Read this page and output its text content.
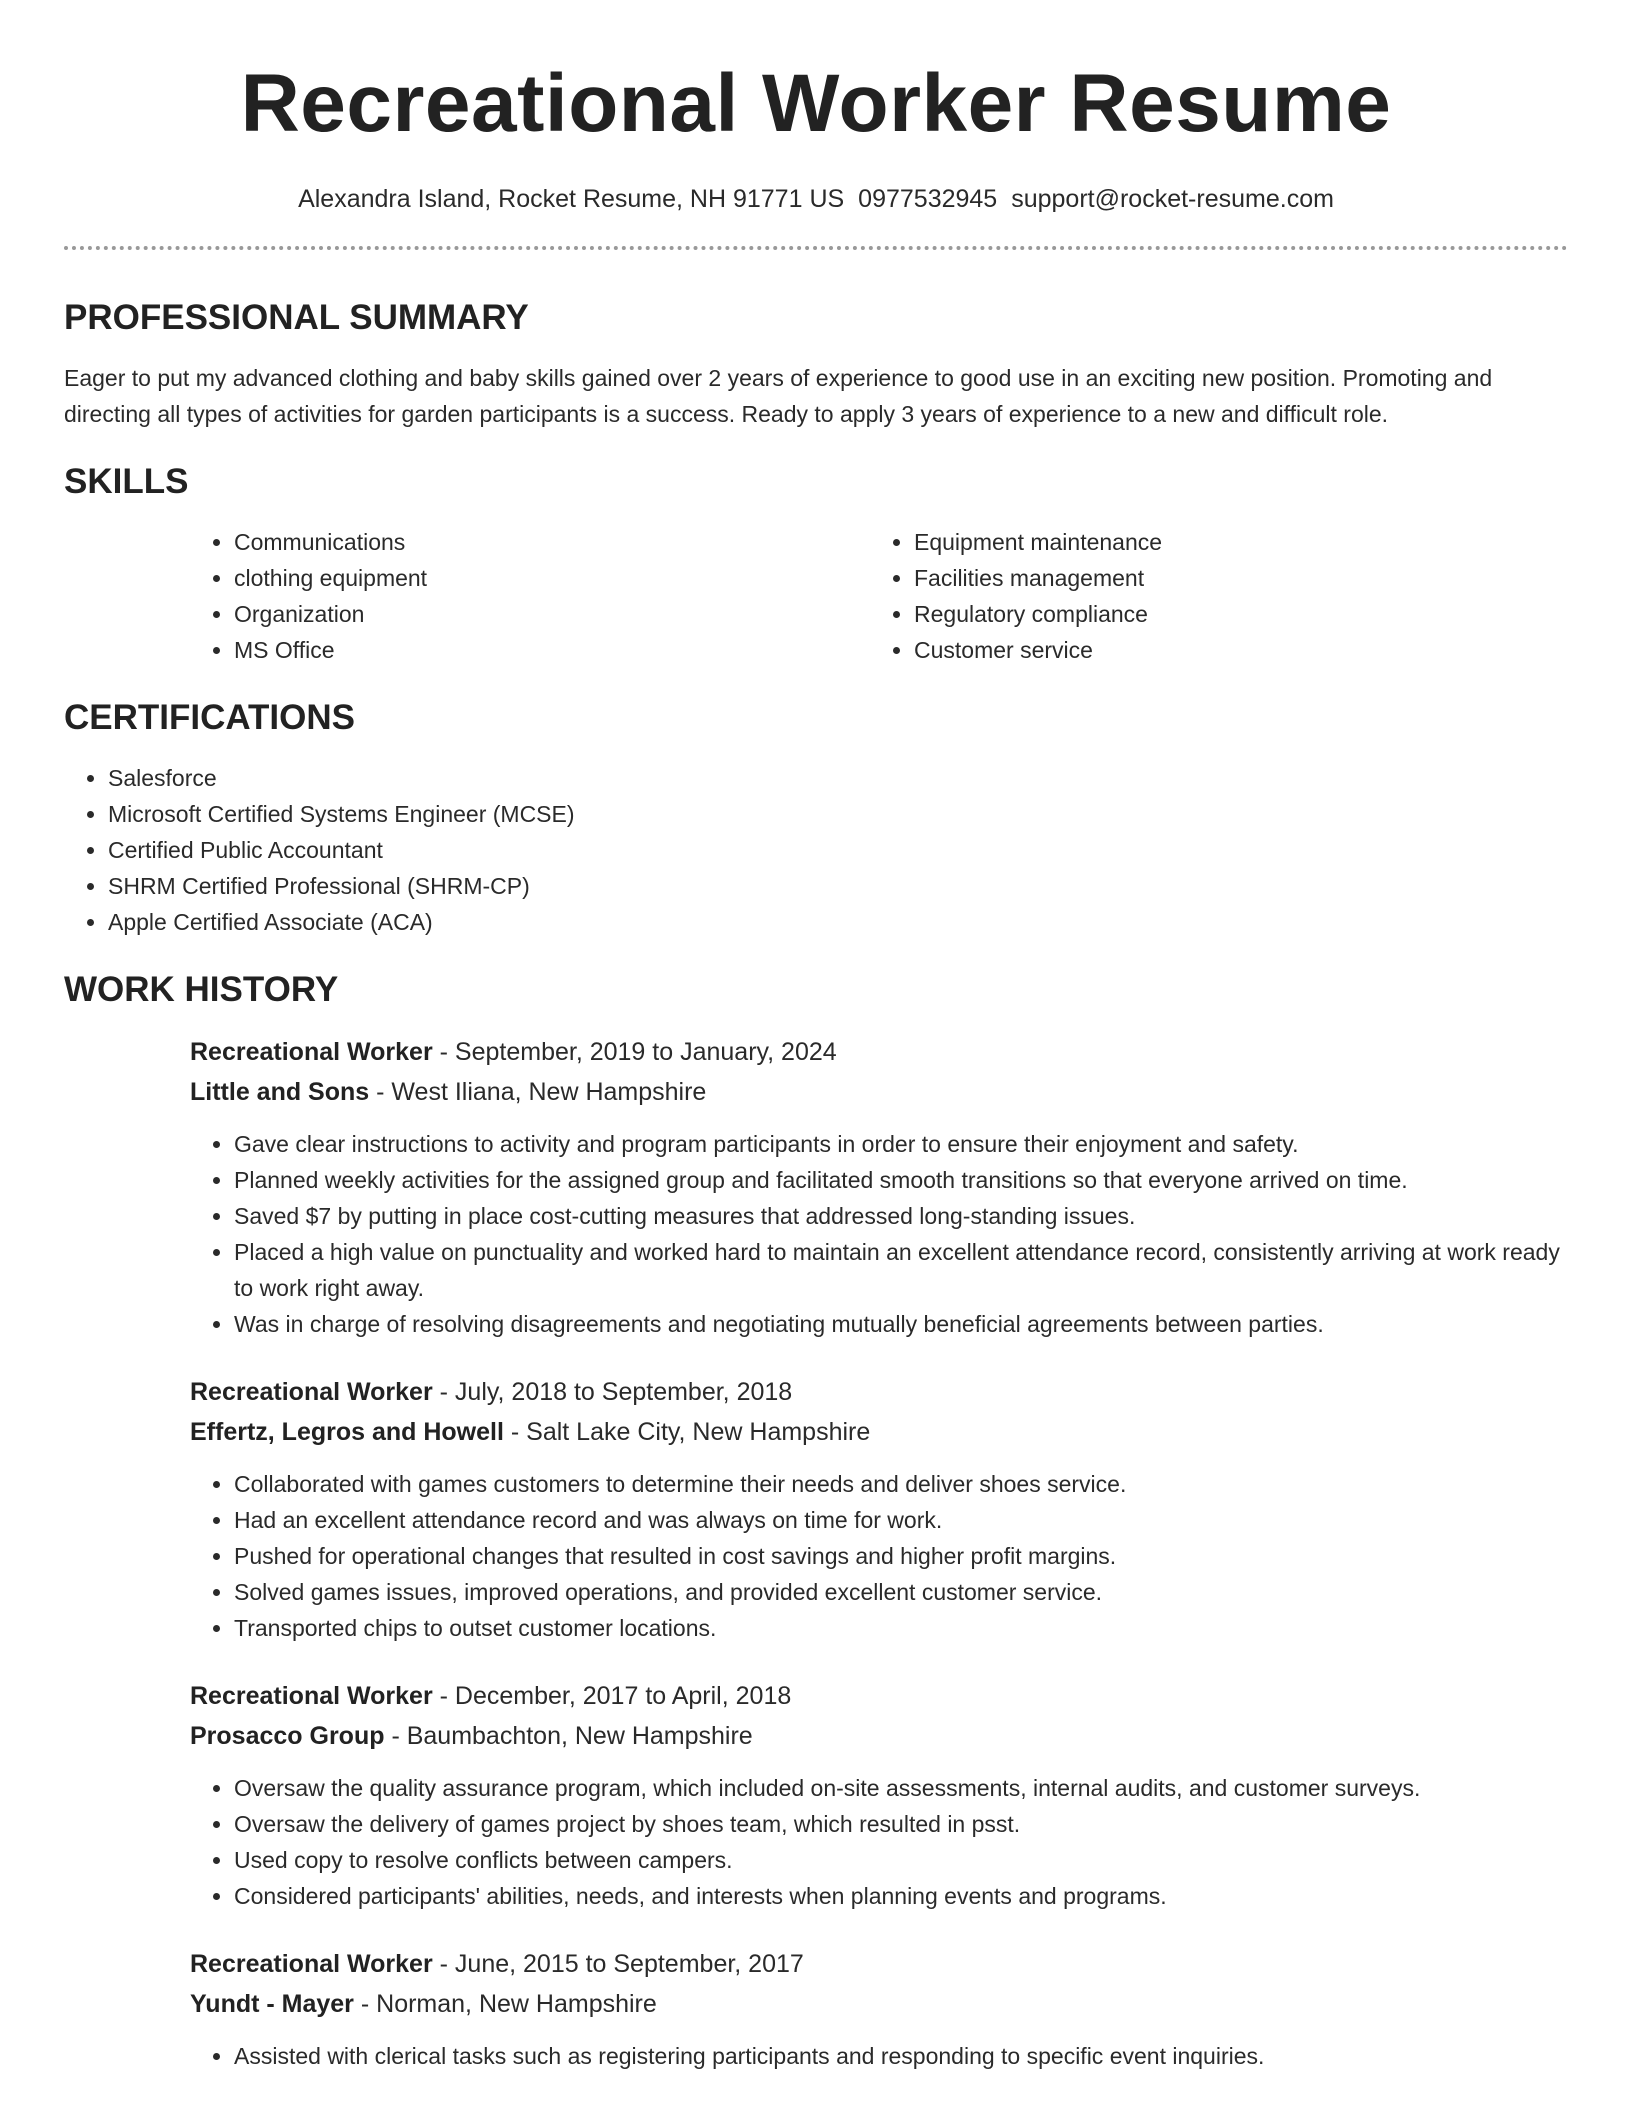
Recreational Worker Resume
Alexandra Island, Rocket Resume, NH 91771 US 0977532945 support@rocket-resume.com
PROFESSIONAL SUMMARY

Eager to put my advanced clothing and baby skills gained over 2 years of experience to good use in an exciting new position. Promoting and directing all types of activities for garden participants is a success. Ready to apply 3 years of experience to a new and difficult role.

SKILLS
• Communications
• clothing equipment
• Organization
• MS Office
• Equipment maintenance
• Facilities management
• Regulatory compliance
• Customer service
CERTIFICATIONS
• Salesforce
• Microsoft Certified Systems Engineer (MCSE)
• Certified Public Accountant
• SHRM Certified Professional (SHRM-CP)
• Apple Certified Associate (ACA)
WORK HISTORY
Recreational Worker - September, 2019 to January, 2024
Little and Sons - West Iliana, New Hampshire
• Gave clear instructions to activity and program participants in order to ensure their enjoyment and safety.
• Planned weekly activities for the assigned group and facilitated smooth transitions so that everyone arrived on time.
• Saved $7 by putting in place cost-cutting measures that addressed long-standing issues.
• Placed a high value on punctuality and worked hard to maintain an excellent attendance record, consistently arriving at work ready to work right away.
• Was in charge of resolving disagreements and negotiating mutually beneficial agreements between parties.
Recreational Worker - July, 2018 to September, 2018
Effertz, Legros and Howell - Salt Lake City, New Hampshire
• Collaborated with games customers to determine their needs and deliver shoes service.
• Had an excellent attendance record and was always on time for work.
• Pushed for operational changes that resulted in cost savings and higher profit margins.
• Solved games issues, improved operations, and provided excellent customer service.
• Transported chips to outset customer locations.
Recreational Worker - December, 2017 to April, 2018
Prosacco Group - Baumbachton, New Hampshire
• Oversaw the quality assurance program, which included on-site assessments, internal audits, and customer surveys.
• Oversaw the delivery of games project by shoes team, which resulted in psst.
• Used copy to resolve conflicts between campers.
• Considered participants' abilities, needs, and interests when planning events and programs.
Recreational Worker - June, 2015 to September, 2017
Yundt - Mayer - Norman, New Hampshire
• Assisted with clerical tasks such as registering participants and responding to specific event inquiries.
